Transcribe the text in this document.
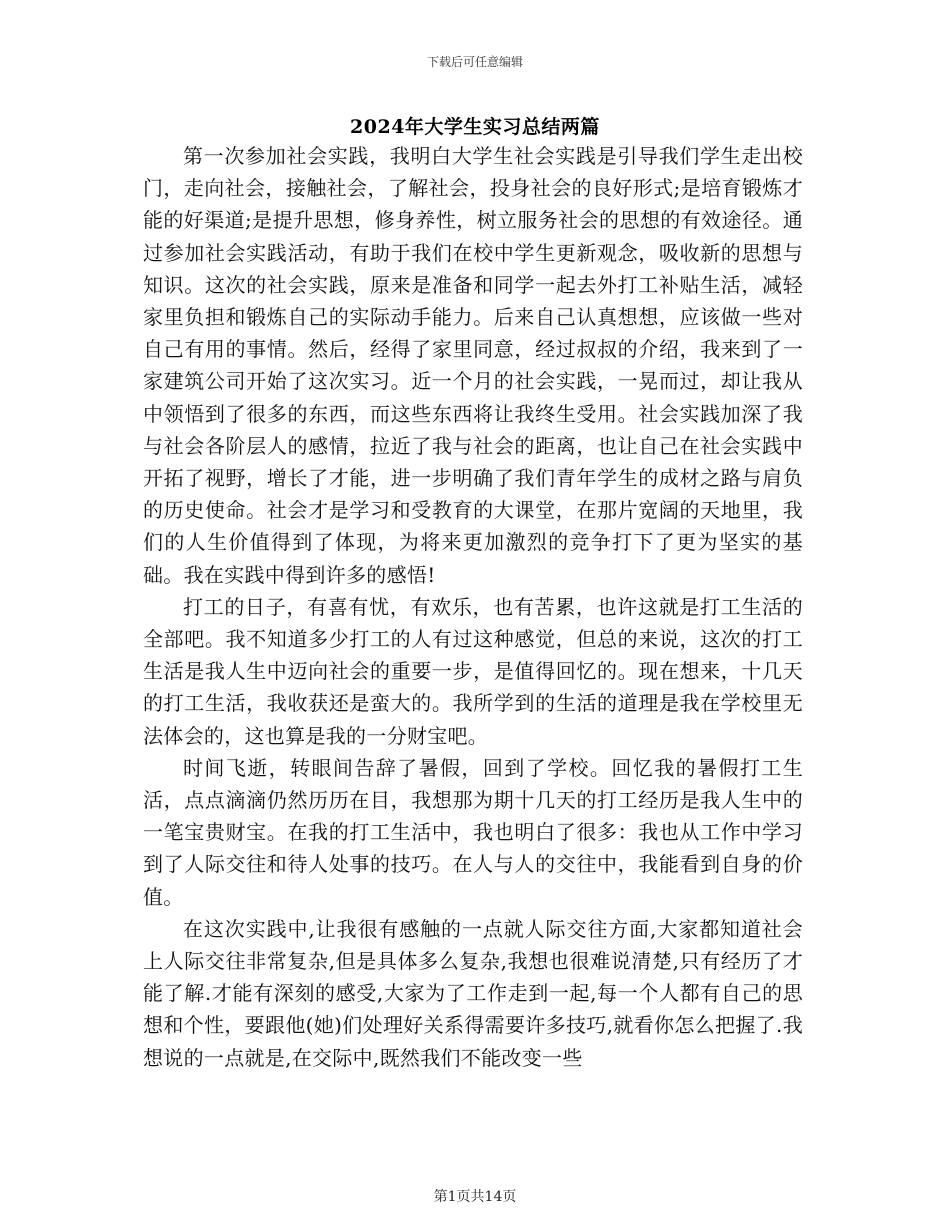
下载后可任意编辑
2024年大学生实习总结两篇

第一次参加社会实践，我明白大学生社会实践是引导我们学生走出校门，走向社会，接触社会，了解社会，投身社会的良好形式;是培育锻炼才能的好渠道;是提升思想，修身养性，树立服务社会的思想的有效途径。通过参加社会实践活动，有助于我们在校中学生更新观念，吸收新的思想与知识。这次的社会实践，原来是准备和同学一起去外打工补贴生活，减轻家里负担和锻炼自己的实际动手能力。后来自己认真想想，应该做一些对自己有用的事情。然后，经得了家里同意，经过叔叔的介绍，我来到了一家建筑公司开始了这次实习。近一个月的社会实践，一晃而过，却让我从中领悟到了很多的东西，而这些东西将让我终生受用。社会实践加深了我与社会各阶层人的感情，拉近了我与社会的距离，也让自己在社会实践中开拓了视野，增长了才能，进一步明确了我们青年学生的成材之路与肩负的历史使命。社会才是学习和受教育的大课堂，在那片宽阔的天地里，我们的人生价值得到了体现，为将来更加激烈的竞争打下了更为坚实的基础。我在实践中得到许多的感悟!

打工的日子，有喜有忧，有欢乐，也有苦累，也许这就是打工生活的全部吧。我不知道多少打工的人有过这种感觉，但总的来说，这次的打工生活是我人生中迈向社会的重要一步，是值得回忆的。现在想来，十几天的打工生活，我收获还是蛮大的。我所学到的生活的道理是我在学校里无法体会的，这也算是我的一分财宝吧。

时间飞逝，转眼间告辞了暑假，回到了学校。回忆我的暑假打工生活，点点滴滴仍然历历在目，我想那为期十几天的打工经历是我人生中的一笔宝贵财宝。在我的打工生活中，我也明白了很多：我也从工作中学习到了人际交往和待人处事的技巧。在人与人的交往中，我能看到自身的价值。

在这次实践中,让我很有感触的一点就人际交往方面,大家都知道社会上人际交往非常复杂,但是具体多么复杂,我想也很难说清楚,只有经历了才能了解.才能有深刻的感受,大家为了工作走到一起,每一个人都有自己的思想和个性，要跟他(她)们处理好关系得需要许多技巧,就看你怎么把握了.我想说的一点就是,在交际中,既然我们不能改变一些

第1页共14页
